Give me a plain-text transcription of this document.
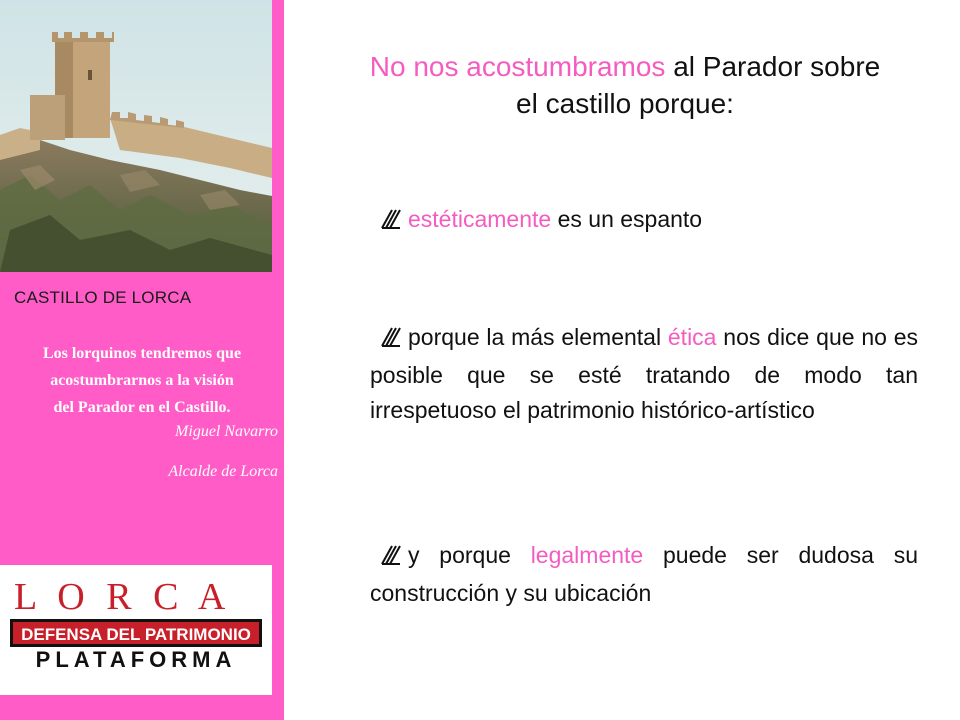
CASTILLO DE LORCA
Los lorquinos tendremos que
acostumbrarnos a la visión
del Parador en el Castillo.
Miguel Navarro
Alcalde de Lorca
L O R C A
DEFENSA DEL PATRIMONIO
PLATAFORMA
No nos acostumbramos al Parador sobre
el castillo porque:
estéticamente es un espanto
porque la más elemental ética nos dice que no es posible que se esté tratando de modo tan irrespetuoso el patrimonio histórico-artístico
y porque legalmente puede ser dudosa su construcción y su ubicación
